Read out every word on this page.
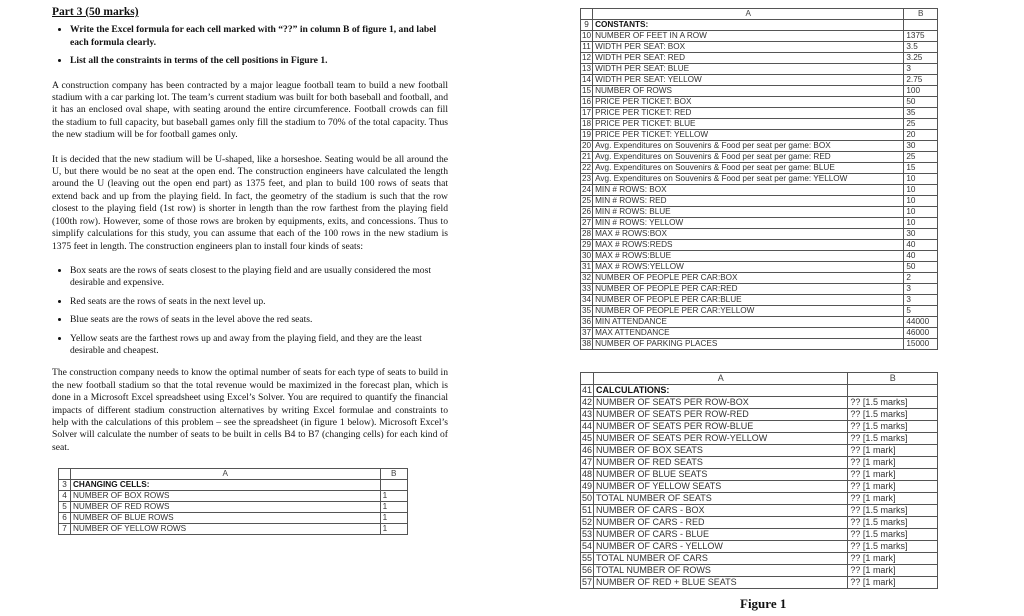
Part 3 (50 marks)
• Write the Excel formula for each cell marked with “??” in column B of figure 1, and label each formula clearly.
• List all the constraints in terms of the cell positions in Figure 1.

A construction company has been contracted by a major league football team to build a new football stadium with a car parking lot. The team’s current stadium was built for both baseball and football, and it has an enclosed oval shape, with seating around the entire circumference. Football crowds can fill the stadium to full capacity, but baseball games only fill the stadium to 70% of the total capacity. Thus the new stadium will be for football games only.

It is decided that the new stadium will be U-shaped, like a horseshoe. Seating would be all around the U, but there would be no seat at the open end. The construction engineers have calculated the length around the U (leaving out the open end part) as 1375 feet, and plan to build 100 rows of seats that extend back and up from the playing field. In fact, the geometry of the stadium is such that the row closest to the playing field (1st row) is shorter in length than the row farthest from the playing field (100th row). However, some of those rows are broken by equipments, exits, and concessions. Thus to simplify calculations for this study, you can assume that each of the 100 rows in the new stadium is 1375 feet in length. The construction engineers plan to install four kinds of seats:

• Box seats are the rows of seats closest to the playing field and are usually considered the most desirable and expensive.
• Red seats are the rows of seats in the next level up.
• Blue seats are the rows of seats in the level above the red seats.
• Yellow seats are the farthest rows up and away from the playing field, and they are the least desirable and cheapest.

The construction company needs to know the optimal number of seats for each type of seats to build in the new football stadium so that the total revenue would be maximized in the forecast plan, which is done in a Microsoft Excel spreadsheet using Excel’s Solver. You are required to quantify the financial impacts of different stadium construction alternatives by writing Excel formulae and constraints to help with the calculations of this problem – see the spreadsheet (in figure 1 below). Microsoft Excel’s Solver will calculate the number of seats to be built in cells B4 to B7 (changing cells) for each kind of seat.

	A	B
3	CHANGING CELLS:	
4	NUMBER OF BOX ROWS	1
5	NUMBER OF RED ROWS	1
6	NUMBER OF BLUE ROWS	1
7	NUMBER OF YELLOW ROWS	1
	A	B
9	CONSTANTS:	
10	NUMBER OF FEET IN A ROW	1375
11	WIDTH PER SEAT: BOX	3.5
12	WIDTH PER SEAT: RED	3.25
13	WIDTH PER SEAT: BLUE	3
14	WIDTH PER SEAT: YELLOW	2.75
15	NUMBER OF ROWS	100
16	PRICE PER TICKET: BOX	50
17	PRICE PER TICKET: RED	35
18	PRICE PER TICKET: BLUE	25
19	PRICE PER TICKET: YELLOW	20
20	Avg. Expenditures on Souvenirs & Food per seat per game: BOX	30
21	Avg. Expenditures on Souvenirs & Food per seat per game: RED	25
22	Avg. Expenditures on Souvenirs & Food per seat per game: BLUE	15
23	Avg. Expenditures on Souvenirs & Food per seat per game: YELLOW	10
24	MIN # ROWS: BOX	10
25	MIN # ROWS: RED	10
26	MIN # ROWS: BLUE	10
27	MIN # ROWS: YELLOW	10
28	MAX # ROWS:BOX	30
29	MAX # ROWS:REDS	40
30	MAX # ROWS:BLUE	40
31	MAX # ROWS:YELLOW	50
32	NUMBER OF PEOPLE PER CAR:BOX	2
33	NUMBER OF PEOPLE PER CAR:RED	3
34	NUMBER OF PEOPLE PER CAR:BLUE	3
35	NUMBER OF PEOPLE PER CAR:YELLOW	5
36	MIN ATTENDANCE	44000
37	MAX ATTENDANCE	46000
38	NUMBER OF PARKING PLACES	15000
	A	B
41	CALCULATIONS:	
42	NUMBER OF SEATS PER ROW-BOX	?? [1.5 marks]
43	NUMBER OF SEATS PER ROW-RED	?? [1.5 marks]
44	NUMBER OF SEATS PER ROW-BLUE	?? [1.5 marks]
45	NUMBER OF SEATS PER ROW-YELLOW	?? [1.5 marks]
46	NUMBER OF BOX SEATS	?? [1 mark]
47	NUMBER OF RED SEATS	?? [1 mark]
48	NUMBER OF BLUE SEATS	?? [1 mark]
49	NUMBER OF YELLOW SEATS	?? [1 mark]
50	TOTAL NUMBER OF SEATS	?? [1 mark]
51	NUMBER OF CARS - BOX	?? [1.5 marks]
52	NUMBER OF CARS - RED	?? [1.5 marks]
53	NUMBER OF CARS - BLUE	?? [1.5 marks]
54	NUMBER OF CARS - YELLOW	?? [1.5 marks]
55	TOTAL NUMBER OF CARS	?? [1 mark]
56	TOTAL NUMBER OF ROWS	?? [1 mark]
57	NUMBER OF RED + BLUE SEATS	?? [1 mark]
Figure 1
